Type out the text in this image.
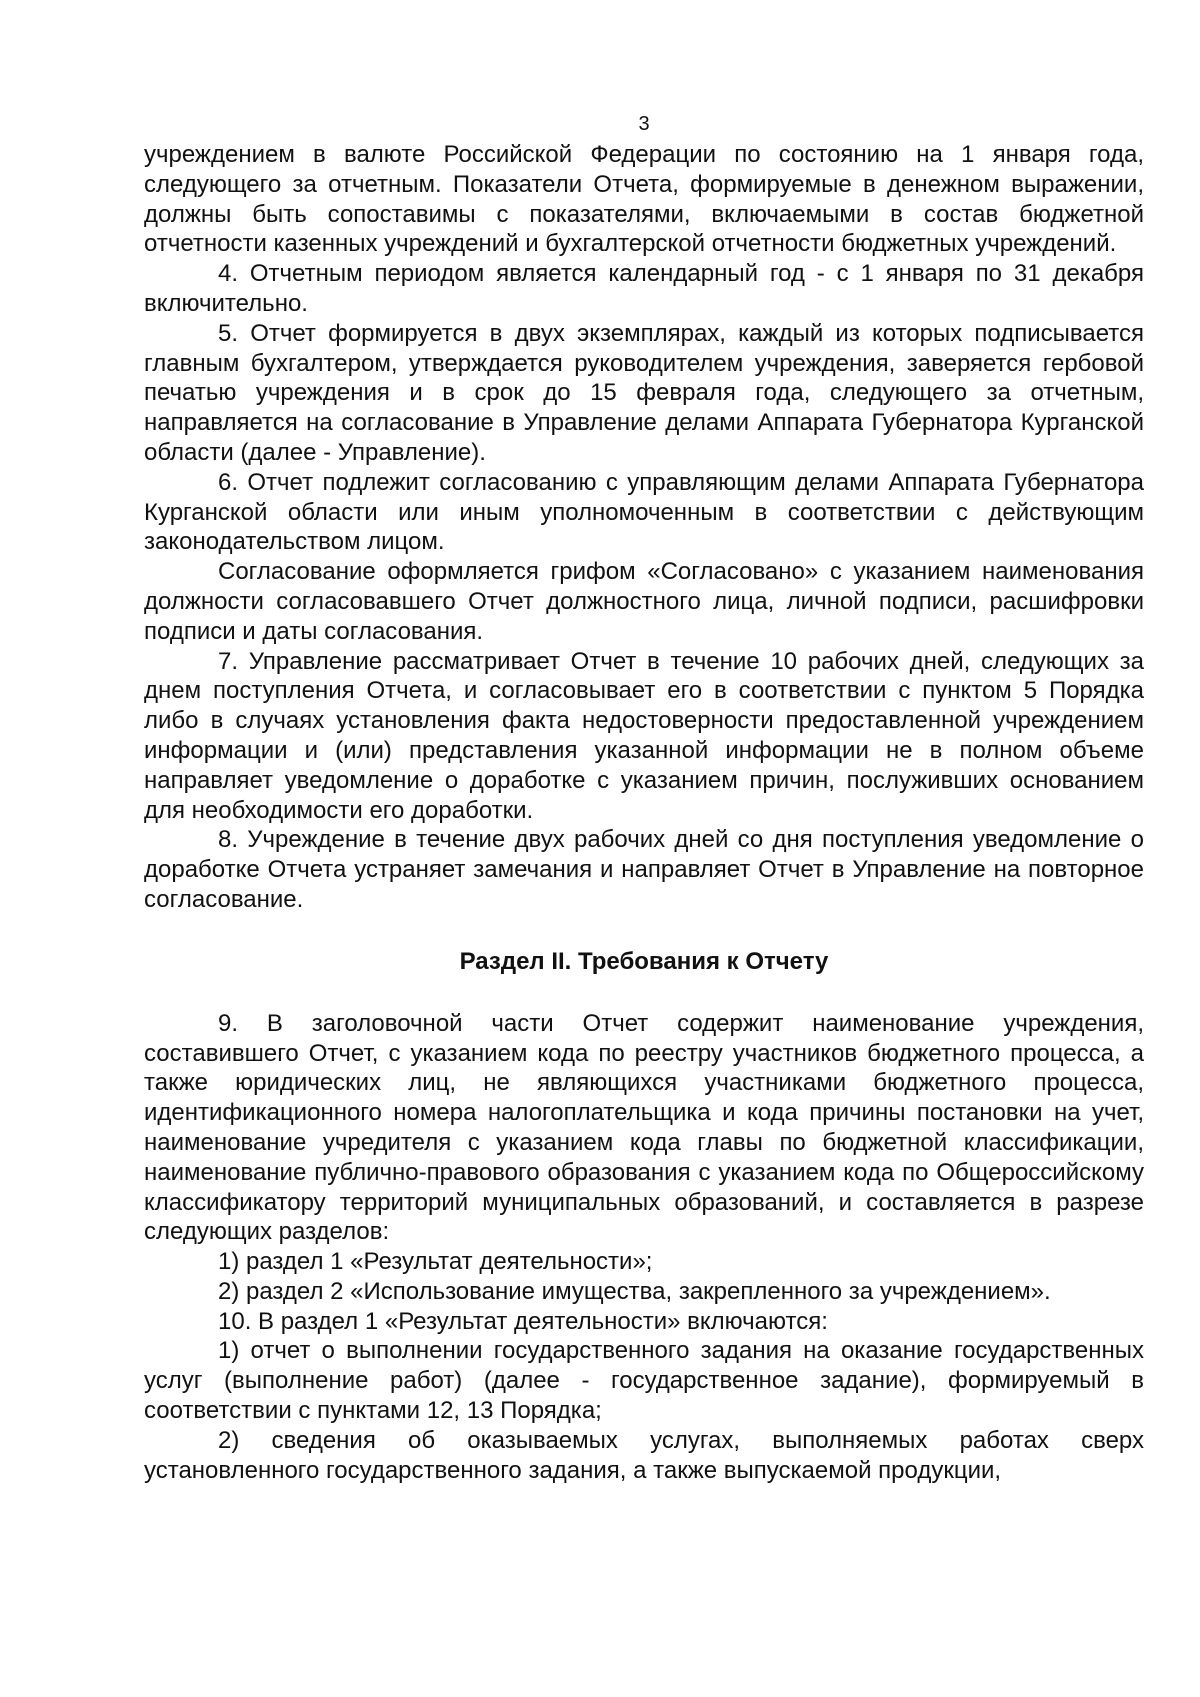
3

учреждением в валюте Российской Федерации по состоянию на 1 января года, следующего за отчетным. Показатели Отчета, формируемые в денежном выражении, должны быть сопоставимы с показателями, включаемыми в состав бюджетной отчетности казенных учреждений и бухгалтерской отчетности бюджетных учреждений.

4. Отчетным периодом является календарный год - с 1 января по 31 декабря включительно.

5. Отчет формируется в двух экземплярах, каждый из которых подписывается главным бухгалтером, утверждается руководителем учреждения, заверяется гербовой печатью учреждения и в срок до 15 февраля года, следующего за отчетным, направляется на согласование в Управление делами Аппарата Губернатора Курганской области (далее - Управление).

6. Отчет подлежит согласованию с управляющим делами Аппарата Губернатора Курганской области или иным уполномоченным в соответствии с действующим законодательством лицом.

Согласование оформляется грифом «Согласовано» с указанием наименования должности согласовавшего Отчет должностного лица, личной подписи, расшифровки подписи и даты согласования.

7. Управление рассматривает Отчет в течение 10 рабочих дней, следующих за днем поступления Отчета, и согласовывает его в соответствии с пунктом 5 Порядка либо в случаях установления факта недостоверности предоставленной учреждением информации и (или) представления указанной информации не в полном объеме направляет уведомление о доработке с указанием причин, послуживших основанием для необходимости его доработки.

8. Учреждение в течение двух рабочих дней со дня поступления уведомление о доработке Отчета устраняет замечания и направляет Отчет в Управление на повторное согласование.

Раздел II. Требования к Отчету

9. В заголовочной части Отчет содержит наименование учреждения, составившего Отчет, с указанием кода по реестру участников бюджетного процесса, а также юридических лиц, не являющихся участниками бюджетного процесса, идентификационного номера налогоплательщика и кода причины постановки на учет, наименование учредителя с указанием кода главы по бюджетной классификации, наименование публично-правового образования с указанием кода по Общероссийскому классификатору территорий муниципальных образований, и составляется в разрезе следующих разделов:

1) раздел 1 «Результат деятельности»;

2) раздел 2 «Использование имущества, закрепленного за учреждением».

10. В раздел 1 «Результат деятельности» включаются:

1) отчет о выполнении государственного задания на оказание государственных услуг (выполнение работ) (далее - государственное задание), формируемый в соответствии с пунктами 12, 13 Порядка;

2) сведения об оказываемых услугах, выполняемых работах сверх установленного государственного задания, а также выпускаемой продукции,
